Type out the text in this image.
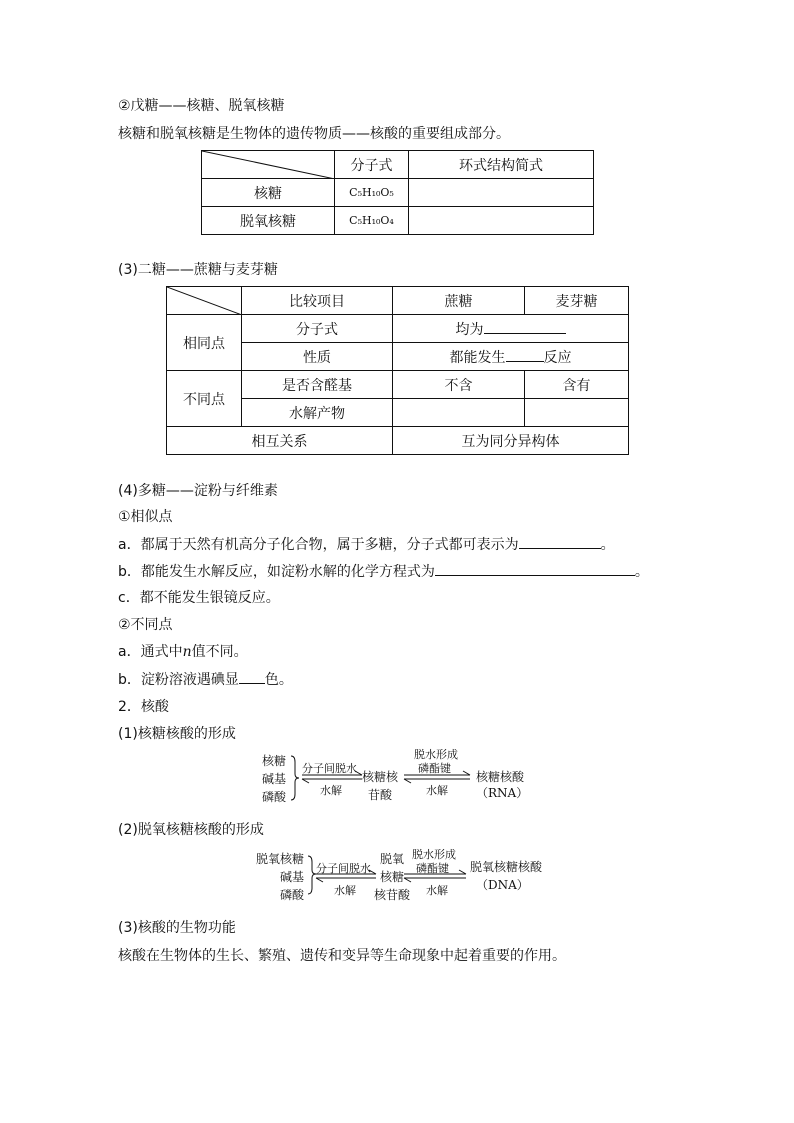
②戊糖——核糖、脱氧核糖
核糖和脱氧核糖是生物体的遗传物质——核酸的重要组成部分。
	分子式	环式结构简式
核糖	C₅H₁₀O₅	
脱氧核糖	C₅H₁₀O₄	
(3)二糖——蔗糖与麦芽糖
	比较项目	蔗糖	麦芽糖
相同点	分子式	均为	
	性质	都能发生 反应	
不同点	是否含醛基	不含	含有
	水解产物		
相互关系		互为同分异构体	
(4)多糖——淀粉与纤维素
①相似点
a．都属于天然有机高分子化合物，属于多糖，分子式都可表示为	。
b．都能发生水解反应，如淀粉水解的化学方程式为	。
c．都不能发生银镜反应。
②不同点
a．通式中n值不同。
b．淀粉溶液遇碘显 色。
2．核酸
(1)核糖核酸的形成
核糖
碱基
磷酸
分子间脱水
水解
核糖核
苷酸
脱水形成
磷酯键
水解
核糖核酸
（RNA）
(2)脱氧核糖核酸的形成
脱氧核糖
碱基
磷酸
分子间脱水
水解
脱氧
核糖
核苷酸
脱水形成
磷酯键
水解
脱氧核糖核酸
（DNA）
(3)核酸的生物功能
核酸在生物体的生长、繁殖、遗传和变异等生命现象中起着重要的作用。
